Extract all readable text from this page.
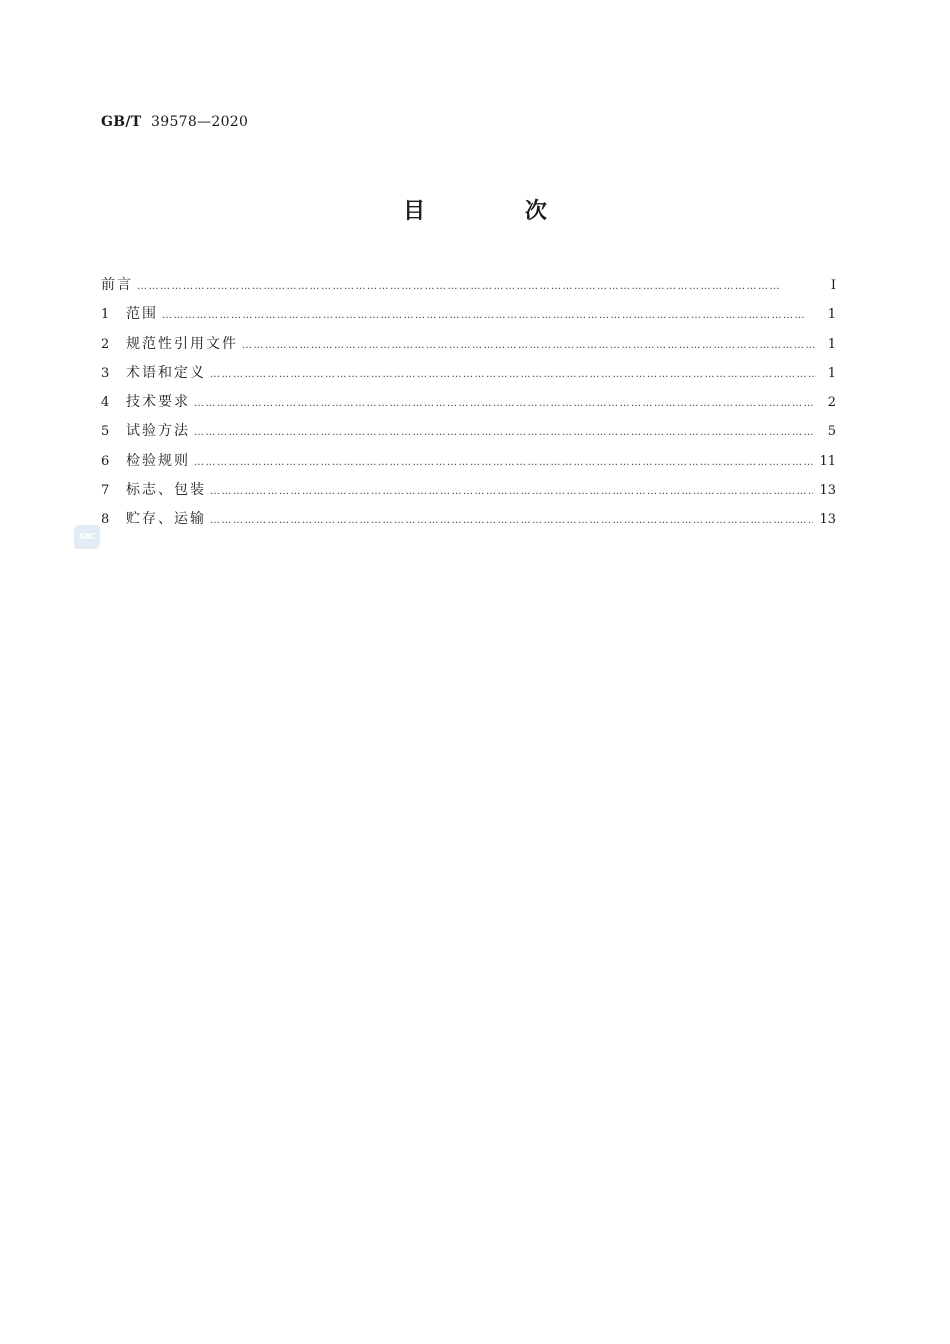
GB/T 39578—2020
目 次
前言 ……………………………………………………………………………………………………………………………………………………	Ⅰ
1	范围 ……………………………………………………………………………………………………………………………………………………	1
2	规范性引用文件 ……………………………………………………………………………………………………………………………………………………	1
3	术语和定义 ……………………………………………………………………………………………………………………………………………………	1
4	技术要求 ……………………………………………………………………………………………………………………………………………………	2
5	试验方法 ……………………………………………………………………………………………………………………………………………………	5
6	检验规则 ……………………………………………………………………………………………………………………………………………………	11
7	标志、包装 ……………………………………………………………………………………………………………………………………………………	13
8	贮存、运输 ……………………………………………………………………………………………………………………………………………………	13
SAC
